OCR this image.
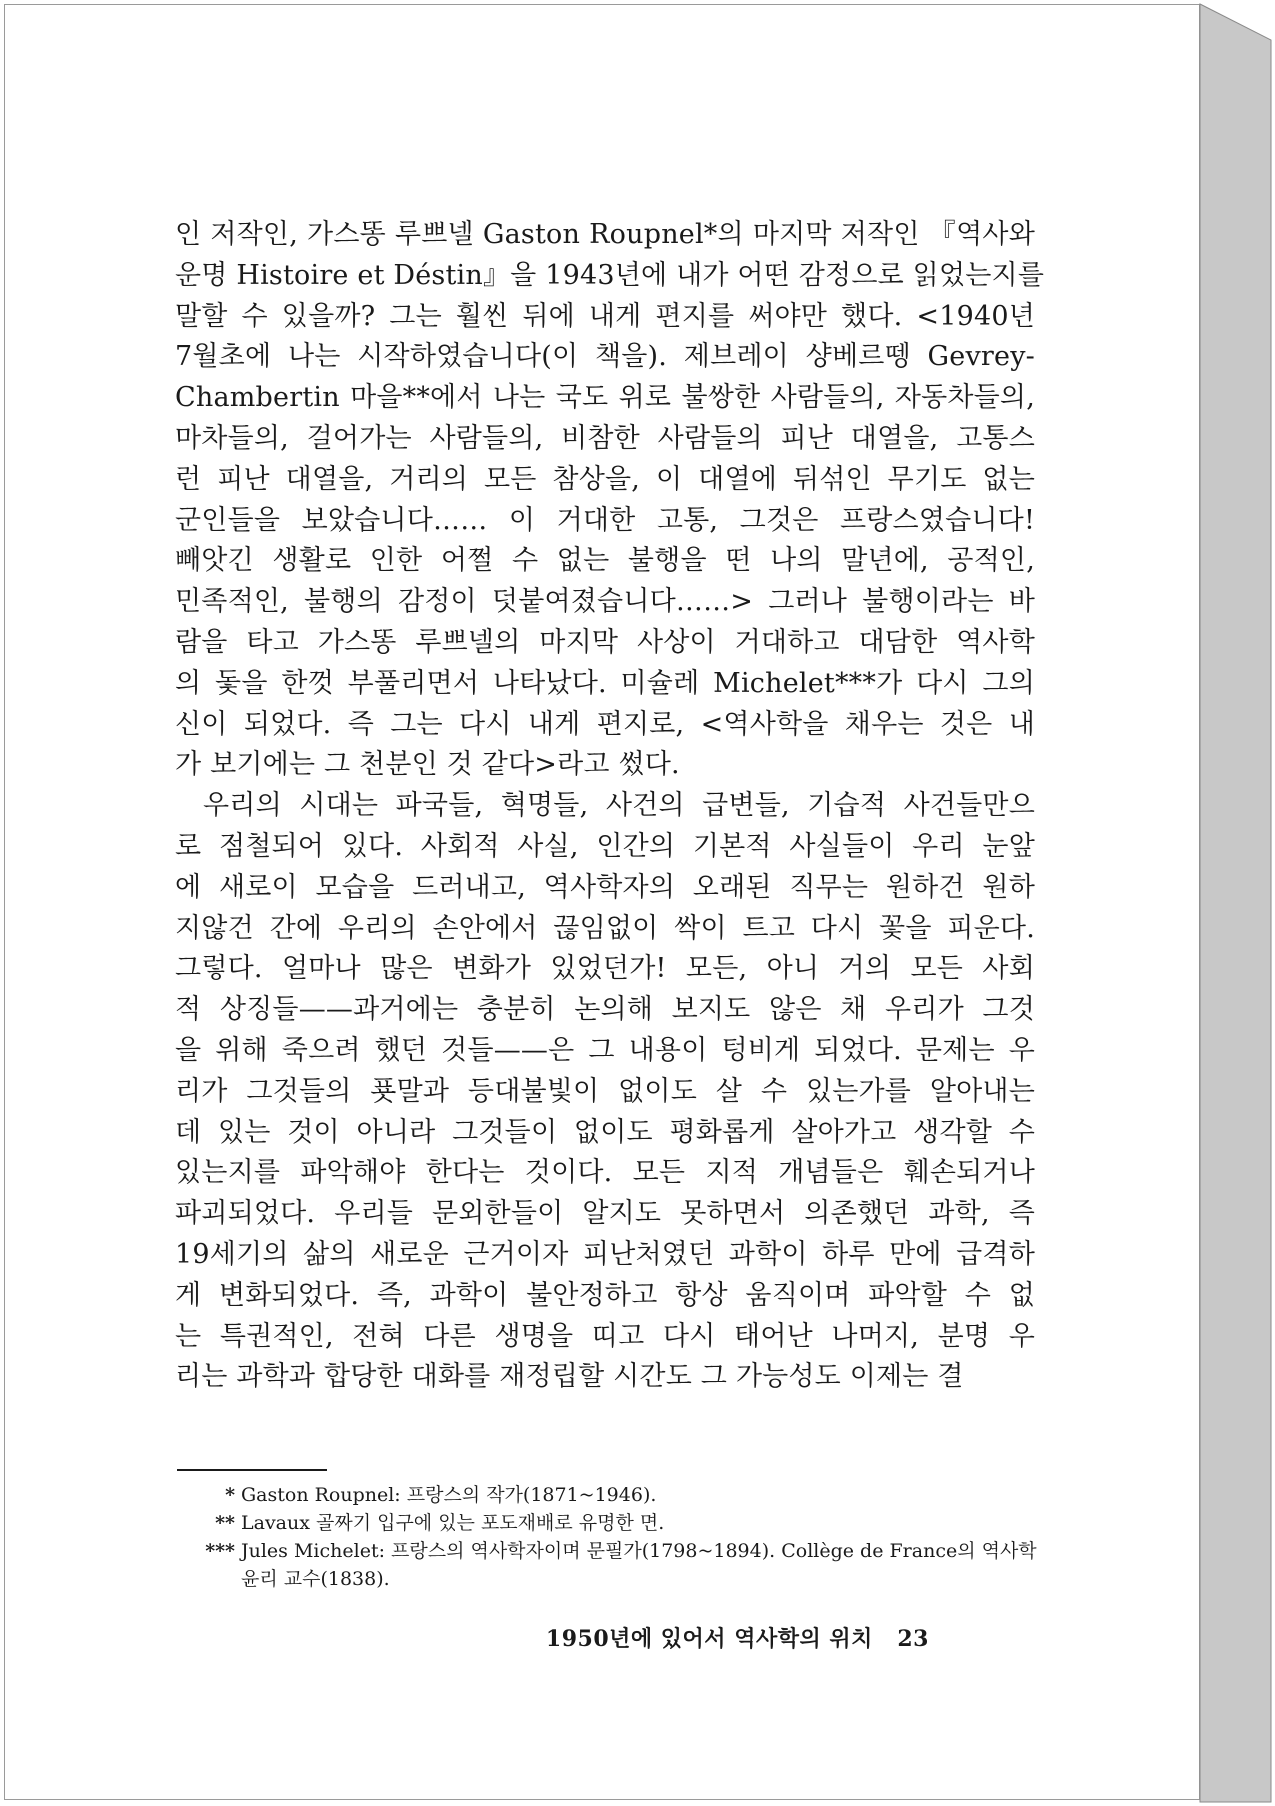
인 저작인, 가스똥 루쁘넬 Gaston Roupnel*의 마지막 저작인 『역사와
운명 Histoire et Déstin』을 1943년에 내가 어떤 감정으로 읽었는지를
말할 수 있을까? 그는 훨씬 뒤에 내게 편지를 써야만 했다. <1940년
7월초에 나는 시작하였습니다(이 책을). 제브레이 샹베르뗑 Gevrey-
Chambertin 마을**에서 나는 국도 위로 불쌍한 사람들의, 자동차들의,
마차들의, 걸어가는 사람들의, 비참한 사람들의 피난 대열을, 고통스
런 피난 대열을, 거리의 모든 참상을, 이 대열에 뒤섞인 무기도 없는
군인들을 보았습니다…… 이 거대한 고통, 그것은 프랑스였습니다!
빼앗긴 생활로 인한 어쩔 수 없는 불행을 떤 나의 말년에, 공적인,
민족적인, 불행의 감정이 덧붙여졌습니다……> 그러나 불행이라는 바
람을 타고 가스똥 루쁘넬의 마지막 사상이 거대하고 대담한 역사학
의 돛을 한껏 부풀리면서 나타났다. 미슐레 Michelet***가 다시 그의
신이 되었다. 즉 그는 다시 내게 편지로, <역사학을 채우는 것은 내
가 보기에는 그 천분인 것 같다>라고 썼다.
우리의 시대는 파국들, 혁명들, 사건의 급변들, 기습적 사건들만으
로 점철되어 있다. 사회적 사실, 인간의 기본적 사실들이 우리 눈앞
에 새로이 모습을 드러내고, 역사학자의 오래된 직무는 원하건 원하
지않건 간에 우리의 손안에서 끊임없이 싹이 트고 다시 꽃을 피운다.
그렇다. 얼마나 많은 변화가 있었던가! 모든, 아니 거의 모든 사회
적 상징들——과거에는 충분히 논의해 보지도 않은 채 우리가 그것
을 위해 죽으려 했던 것들——은 그 내용이 텅비게 되었다. 문제는 우
리가 그것들의 푯말과 등대불빛이 없이도 살 수 있는가를 알아내는
데 있는 것이 아니라 그것들이 없이도 평화롭게 살아가고 생각할 수
있는지를 파악해야 한다는 것이다. 모든 지적 개념들은 훼손되거나
파괴되었다. 우리들 문외한들이 알지도 못하면서 의존했던 과학, 즉
19세기의 삶의 새로운 근거이자 피난처였던 과학이 하루 만에 급격하
게 변화되었다. 즉, 과학이 불안정하고 항상 움직이며 파악할 수 없
는 특권적인, 전혀 다른 생명을 띠고 다시 태어난 나머지, 분명 우
리는 과학과 합당한 대화를 재정립할 시간도 그 가능성도 이제는 결
* Gaston Roupnel: 프랑스의 작가(1871~1946).
** Lavaux 골짜기 입구에 있는 포도재배로 유명한 면.
*** Jules Michelet: 프랑스의 역사학자이며 문필가(1798~1894). Collège de France의 역사학 윤리 교수(1838).
1950년에 있어서 역사학의 위치 23
